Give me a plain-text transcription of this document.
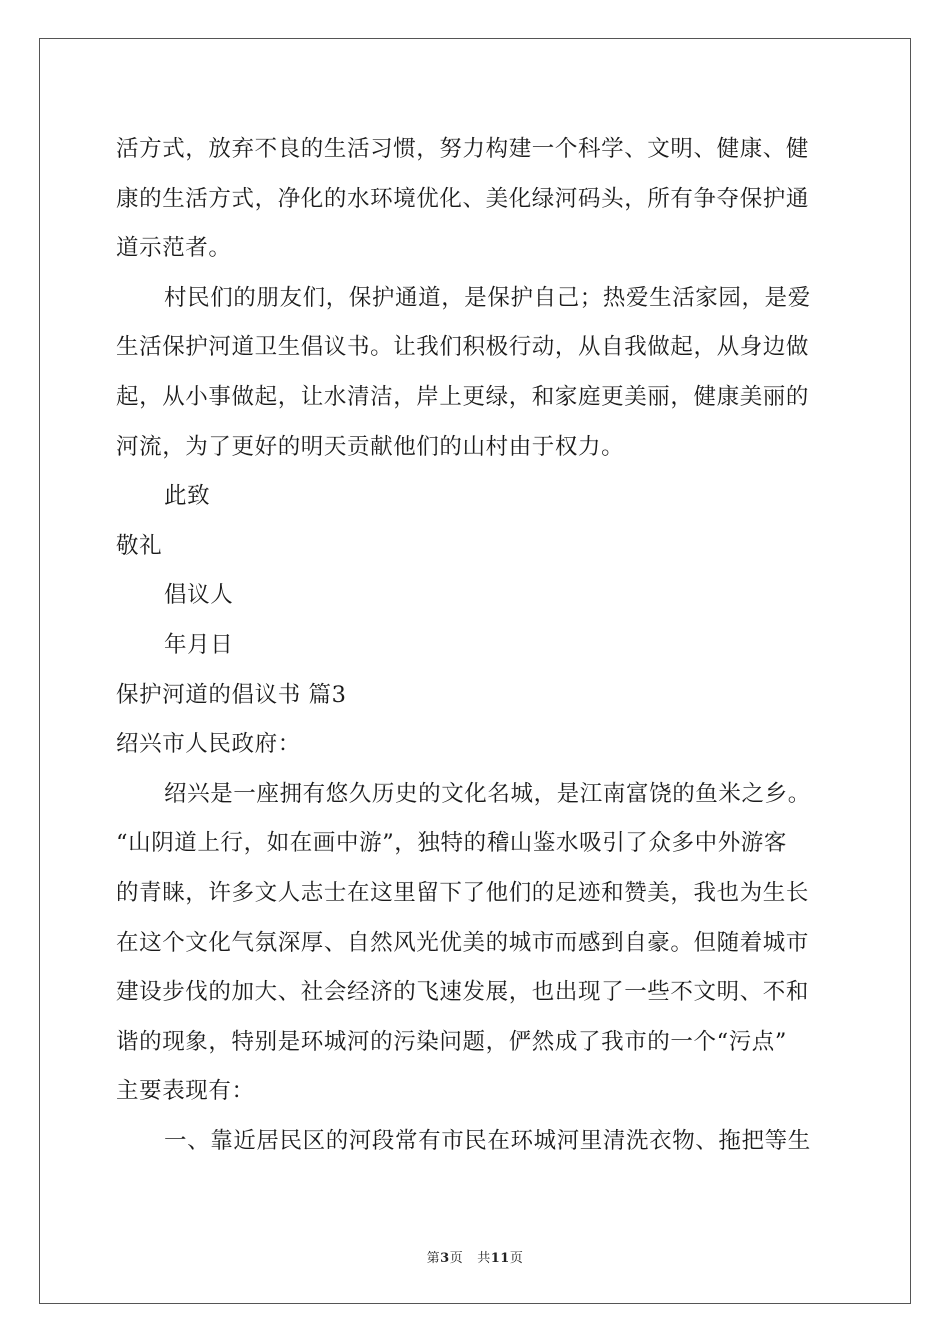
活方式，放弃不良的生活习惯，努力构建一个科学、文明、健康、健
康的生活方式，净化的水环境优化、美化绿河码头，所有争夺保护通
道示范者。
村民们的朋友们，保护通道，是保护自己；热爱生活家园，是爱
生活保护河道卫生倡议书。让我们积极行动，从自我做起，从身边做
起，从小事做起，让水清洁，岸上更绿，和家庭更美丽，健康美丽的
河流，为了更好的明天贡献他们的山村由于权力。
此致
敬礼
倡议人
年月日
保护河道的倡议书 篇3
绍兴市人民政府：
绍兴是一座拥有悠久历史的文化名城，是江南富饶的鱼米之乡。
“山阴道上行，如在画中游”，独特的稽山鉴水吸引了众多中外游客
的青睐，许多文人志士在这里留下了他们的足迹和赞美，我也为生长
在这个文化气氛深厚、自然风光优美的城市而感到自豪。但随着城市
建设步伐的加大、社会经济的飞速发展，也出现了一些不文明、不和
谐的现象，特别是环城河的污染问题，俨然成了我市的一个“污点”
主要表现有：
一、靠近居民区的河段常有市民在环城河里清洗衣物、拖把等生
第3页 共11页
